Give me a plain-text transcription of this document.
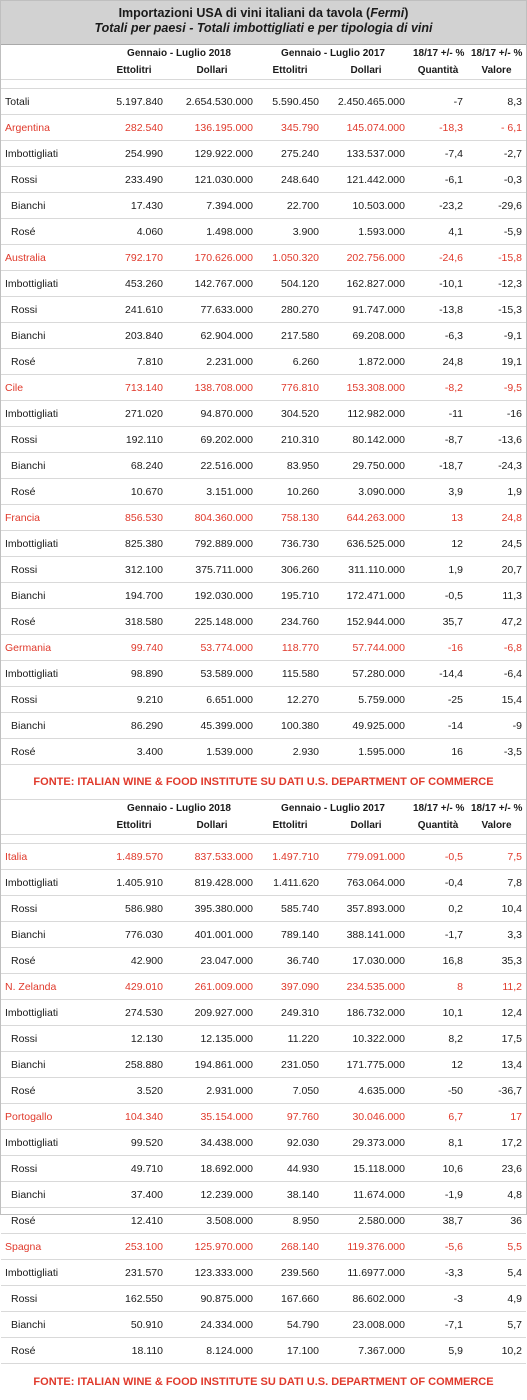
Importazioni USA di vini italiani da tavola (Fermi)
Totali per paesi - Totali imbottigliati e per tipologia di vini
	Gennaio - Luglio 2018		Gennaio - Luglio 2017		18/17 +/- %	18/17 +/- %
	Ettolitri	Dollari	Ettolitri	Dollari	Quantità	Valore

Totali	5.197.840	2.654.530.000	5.590.450	2.450.465.000	-7	8,3
Argentina	282.540	136.195.000	345.790	145.074.000	-18,3	- 6,1
Imbottigliati	254.990	129.922.000	275.240	133.537.000	-7,4	-2,7
Rossi	233.490	121.030.000	248.640	121.442.000	-6,1	-0,3
Bianchi	17.430	7.394.000	22.700	10.503.000	-23,2	-29,6
Rosé	4.060	1.498.000	3.900	1.593.000	4,1	-5,9
Australia	792.170	170.626.000	1.050.320	202.756.000	-24,6	-15,8
Imbottigliati	453.260	142.767.000	504.120	162.827.000	-10,1	-12,3
Rossi	241.610	77.633.000	280.270	91.747.000	-13,8	-15,3
Bianchi	203.840	62.904.000	217.580	69.208.000	-6,3	-9,1
Rosé	7.810	2.231.000	6.260	1.872.000	24,8	19,1
Cile	713.140	138.708.000	776.810	153.308.000	-8,2	-9,5
Imbottigliati	271.020	94.870.000	304.520	112.982.000	-11	-16
Rossi	192.110	69.202.000	210.310	80.142.000	-8,7	-13,6
Bianchi	68.240	22.516.000	83.950	29.750.000	-18,7	-24,3
Rosé	10.670	3.151.000	10.260	3.090.000	3,9	1,9
Francia	856.530	804.360.000	758.130	644.263.000	13	24,8
Imbottigliati	825.380	792.889.000	736.730	636.525.000	12	24,5
Rossi	312.100	375.711.000	306.260	311.110.000	1,9	20,7
Bianchi	194.700	192.030.000	195.710	172.471.000	-0,5	11,3
Rosé	318.580	225.148.000	234.760	152.944.000	35,7	47,2
Germania	99.740	53.774.000	118.770	57.744.000	-16	-6,8
Imbottigliati	98.890	53.589.000	115.580	57.280.000	-14,4	-6,4
Rossi	9.210	6.651.000	12.270	5.759.000	-25	15,4
Bianchi	86.290	45.399.000	100.380	49.925.000	-14	-9
Rosé	3.400	1.539.000	2.930	1.595.000	16	-3,5
FONTE: ITALIAN WINE & FOOD INSTITUTE SU DATI U.S. DEPARTMENT OF COMMERCE
	Gennaio - Luglio 2018		Gennaio - Luglio 2017		18/17 +/- %	18/17 +/- %
	Ettolitri	Dollari	Ettolitri	Dollari	Quantità	Valore

Italia	1.489.570	837.533.000	1.497.710	779.091.000	-0,5	7,5
Imbottigliati	1.405.910	819.428.000	1.411.620	763.064.000	-0,4	7,8
Rossi	586.980	395.380.000	585.740	357.893.000	0,2	10,4
Bianchi	776.030	401.001.000	789.140	388.141.000	-1,7	3,3
Rosé	42.900	23.047.000	36.740	17.030.000	16,8	35,3
N. Zelanda	429.010	261.009.000	397.090	234.535.000	8	11,2
Imbottigliati	274.530	209.927.000	249.310	186.732.000	10,1	12,4
Rossi	12.130	12.135.000	11.220	10.322.000	8,2	17,5
Bianchi	258.880	194.861.000	231.050	171.775.000	12	13,4
Rosé	3.520	2.931.000	7.050	4.635.000	-50	-36,7
Portogallo	104.340	35.154.000	97.760	30.046.000	6,7	17
Imbottigliati	99.520	34.438.000	92.030	29.373.000	8,1	17,2
Rossi	49.710	18.692.000	44.930	15.118.000	10,6	23,6
Bianchi	37.400	12.239.000	38.140	11.674.000	-1,9	4,8
Rosé	12.410	3.508.000	8.950	2.580.000	38,7	36
Spagna	253.100	125.970.000	268.140	119.376.000	-5,6	5,5
Imbottigliati	231.570	123.333.000	239.560	11.6977.000	-3,3	5,4
Rossi	162.550	90.875.000	167.660	86.602.000	-3	4,9
Bianchi	50.910	24.334.000	54.790	23.008.000	-7,1	5,7
Rosé	18.110	8.124.000	17.100	7.367.000	5,9	10,2
FONTE: ITALIAN WINE & FOOD INSTITUTE SU DATI U.S. DEPARTMENT OF COMMERCE
